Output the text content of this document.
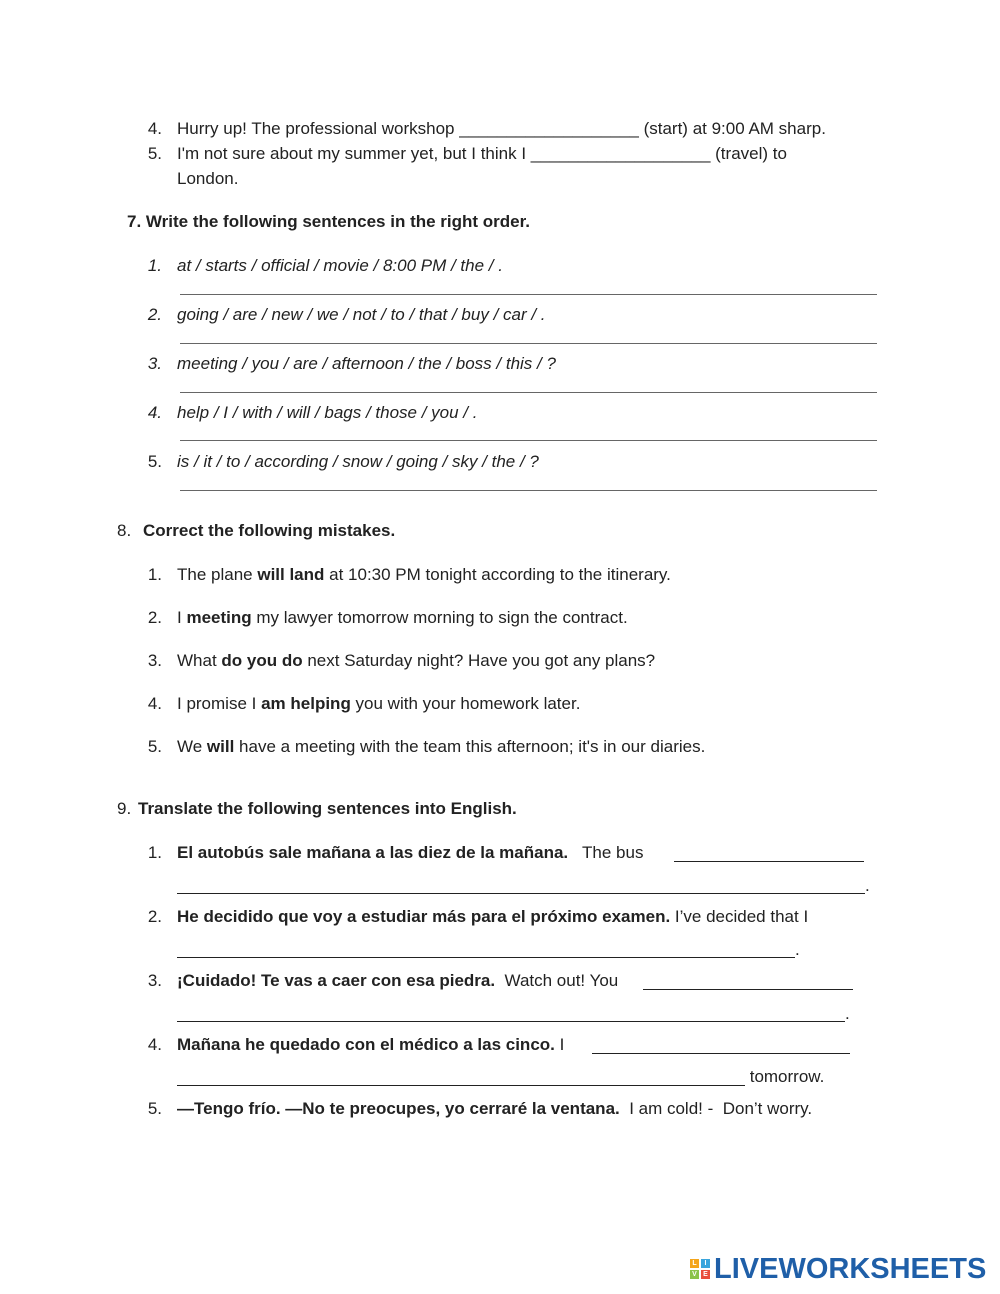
4. Hurry up! The professional workshop ___________________ (start) at 9:00 AM sharp.
5. I'm not sure about my summer yet, but I think I ___________________ (travel) to
London.
7. Write the following sentences in the right order.
1. at / starts / official / movie / 8:00 PM / the / .
2. going / are / new / we / not / to / that / buy / car / .
3. meeting / you / are / afternoon / the / boss / this / ?
4. help / I / with / will / bags / those / you / .
5. is / it / to / according / snow / going / sky / the / ?
8. Correct the following mistakes.
1. The plane will land at 10:30 PM tonight according to the itinerary.
2. I meeting my lawyer tomorrow morning to sign the contract.
3. What do you do next Saturday night? Have you got any plans?
4. I promise I am helping you with your homework later.
5. We will have a meeting with the team this afternoon; it's in our diaries.
9. Translate the following sentences into English.
1. El autobús sale mañana a las diez de la mañana.   The bus
.
2. He decidido que voy a estudiar más para el próximo examen. I’ve decided that I
.
3. ¡Cuidado! Te vas a caer con esa piedra.  Watch out! You
.
4. Mañana he quedado con el médico a las cinco. I
tomorrow.
5. —Tengo frío. —No te preocupes, yo cerraré la ventana.  I am cold! -  Don’t worry.
L	I
V E LIVEWORKSHEETS
